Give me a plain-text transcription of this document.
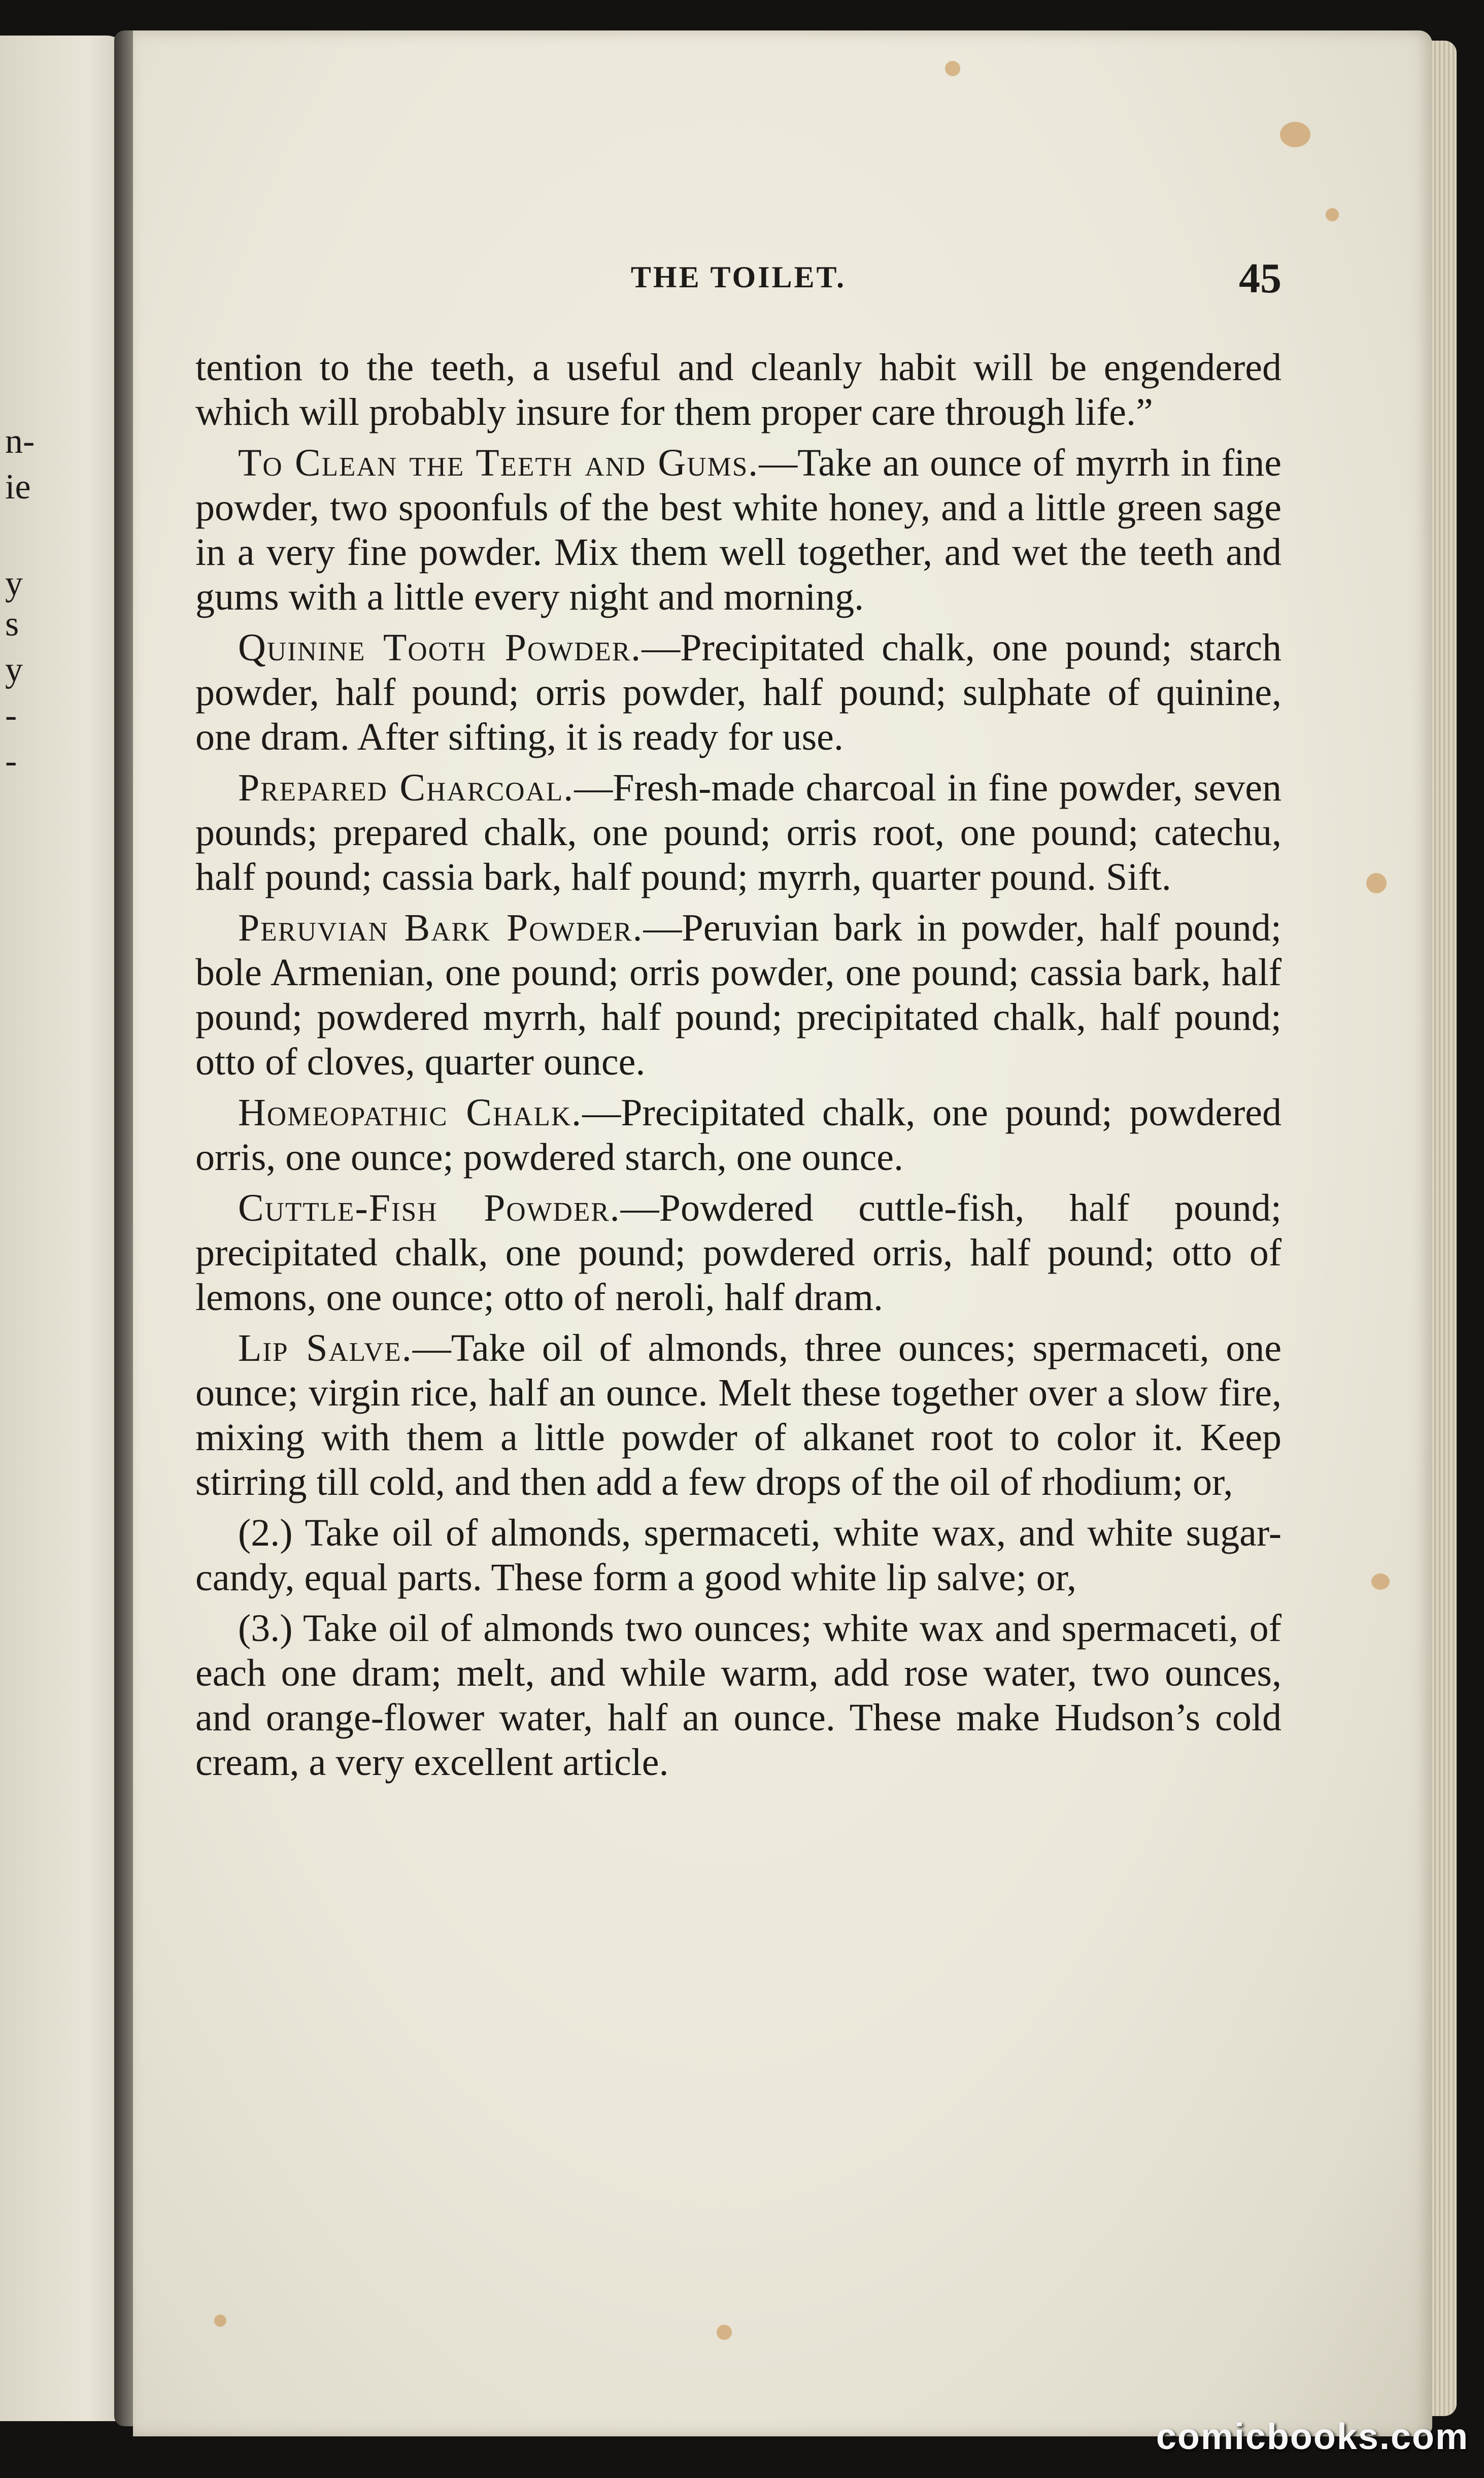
n-
ie
y
s
y
-
-
THE TOILET.	45

tention to the teeth, a useful and cleanly habit will be engendered which will probably insure for them proper care through life.”

To Clean the Teeth and Gums.—Take an ounce of myrrh in fine powder, two spoonfuls of the best white honey, and a little green sage in a very fine powder. Mix them well together, and wet the teeth and gums with a little every night and morning.

Quinine Tooth Powder.—Precipitated chalk, one pound; starch powder, half pound; orris powder, half pound; sulphate of quinine, one dram. After sifting, it is ready for use.

Prepared Charcoal.—Fresh-made charcoal in fine powder, seven pounds; prepared chalk, one pound; orris root, one pound; catechu, half pound; cassia bark, half pound; myrrh, quarter pound. Sift.

Peruvian Bark Powder.—Peruvian bark in powder, half pound; bole Armenian, one pound; orris powder, one pound; cassia bark, half pound; powdered myrrh, half pound; precipitated chalk, half pound; otto of cloves, quarter ounce.

Homeopathic Chalk.—Precipitated chalk, one pound; powdered orris, one ounce; powdered starch, one ounce.

Cuttle-Fish Powder.—Powdered cuttle-fish, half pound; precipitated chalk, one pound; powdered orris, half pound; otto of lemons, one ounce; otto of neroli, half dram.

Lip Salve.—Take oil of almonds, three ounces; spermaceti, one ounce; virgin rice, half an ounce. Melt these together over a slow fire, mixing with them a little powder of alkanet root to color it. Keep stirring till cold, and then add a few drops of the oil of rhodium; or,

(2.) Take oil of almonds, spermaceti, white wax, and white sugar-candy, equal parts. These form a good white lip salve; or,

(3.) Take oil of almonds two ounces; white wax and spermaceti, of each one dram; melt, and while warm, add rose water, two ounces, and orange-flower water, half an ounce. These make Hudson’s cold cream, a very excellent article.

comicbooks.com
